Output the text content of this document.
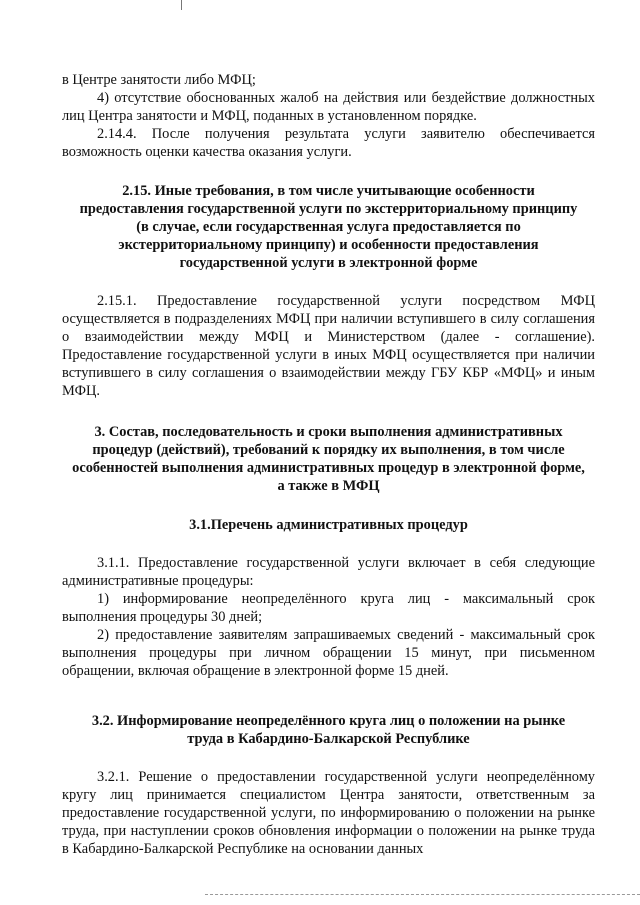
в Центре занятости либо МФЦ;

4) отсутствие обоснованных жалоб на действия или бездействие должностных лиц Центра занятости и МФЦ, поданных в установленном порядке.

2.14.4. После получения результата услуги заявителю обеспечивается возможность оценки качества оказания услуги.

2.15. Иные требования, в том числе учитывающие особенности
предоставления государственной услуги по экстерриториальному принципу
(в случае, если государственная услуга предоставляется по
экстерриториальному принципу) и особенности предоставления
государственной услуги в электронной форме

2.15.1. Предоставление государственной услуги посредством МФЦ осуществляется в подразделениях МФЦ при наличии вступившего в силу соглашения о взаимодействии между МФЦ и Министерством (далее - соглашение). Предоставление государственной услуги в иных МФЦ осуществляется при наличии вступившего в силу соглашения о взаимодействии между ГБУ КБР «МФЦ» и иным МФЦ.

3. Состав, последовательность и сроки выполнения административных
процедур (действий), требований к порядку их выполнения, в том числе
особенностей выполнения административных процедур в электронной форме,
а также в МФЦ
3.1.Перечень административных процедур

3.1.1. Предоставление государственной услуги включает в себя следующие административные процедуры:

1) информирование неопределённого круга лиц - максимальный срок выполнения процедуры 30 дней;

2) предоставление заявителям запрашиваемых сведений - максимальный срок выполнения процедуры при личном обращении 15 минут, при письменном обращении, включая обращение в электронной форме 15 дней.

3.2. Информирование неопределённого круга лиц о положении на рынке
труда в Кабардино-Балкарской Республике

3.2.1. Решение о предоставлении государственной услуги неопределённому кругу лиц принимается специалистом Центра занятости, ответственным за предоставление государственной услуги, по информированию о положении на рынке труда, при наступлении сроков обновления информации о положении на рынке труда в Кабардино-Балкарской Республике на основании данных
